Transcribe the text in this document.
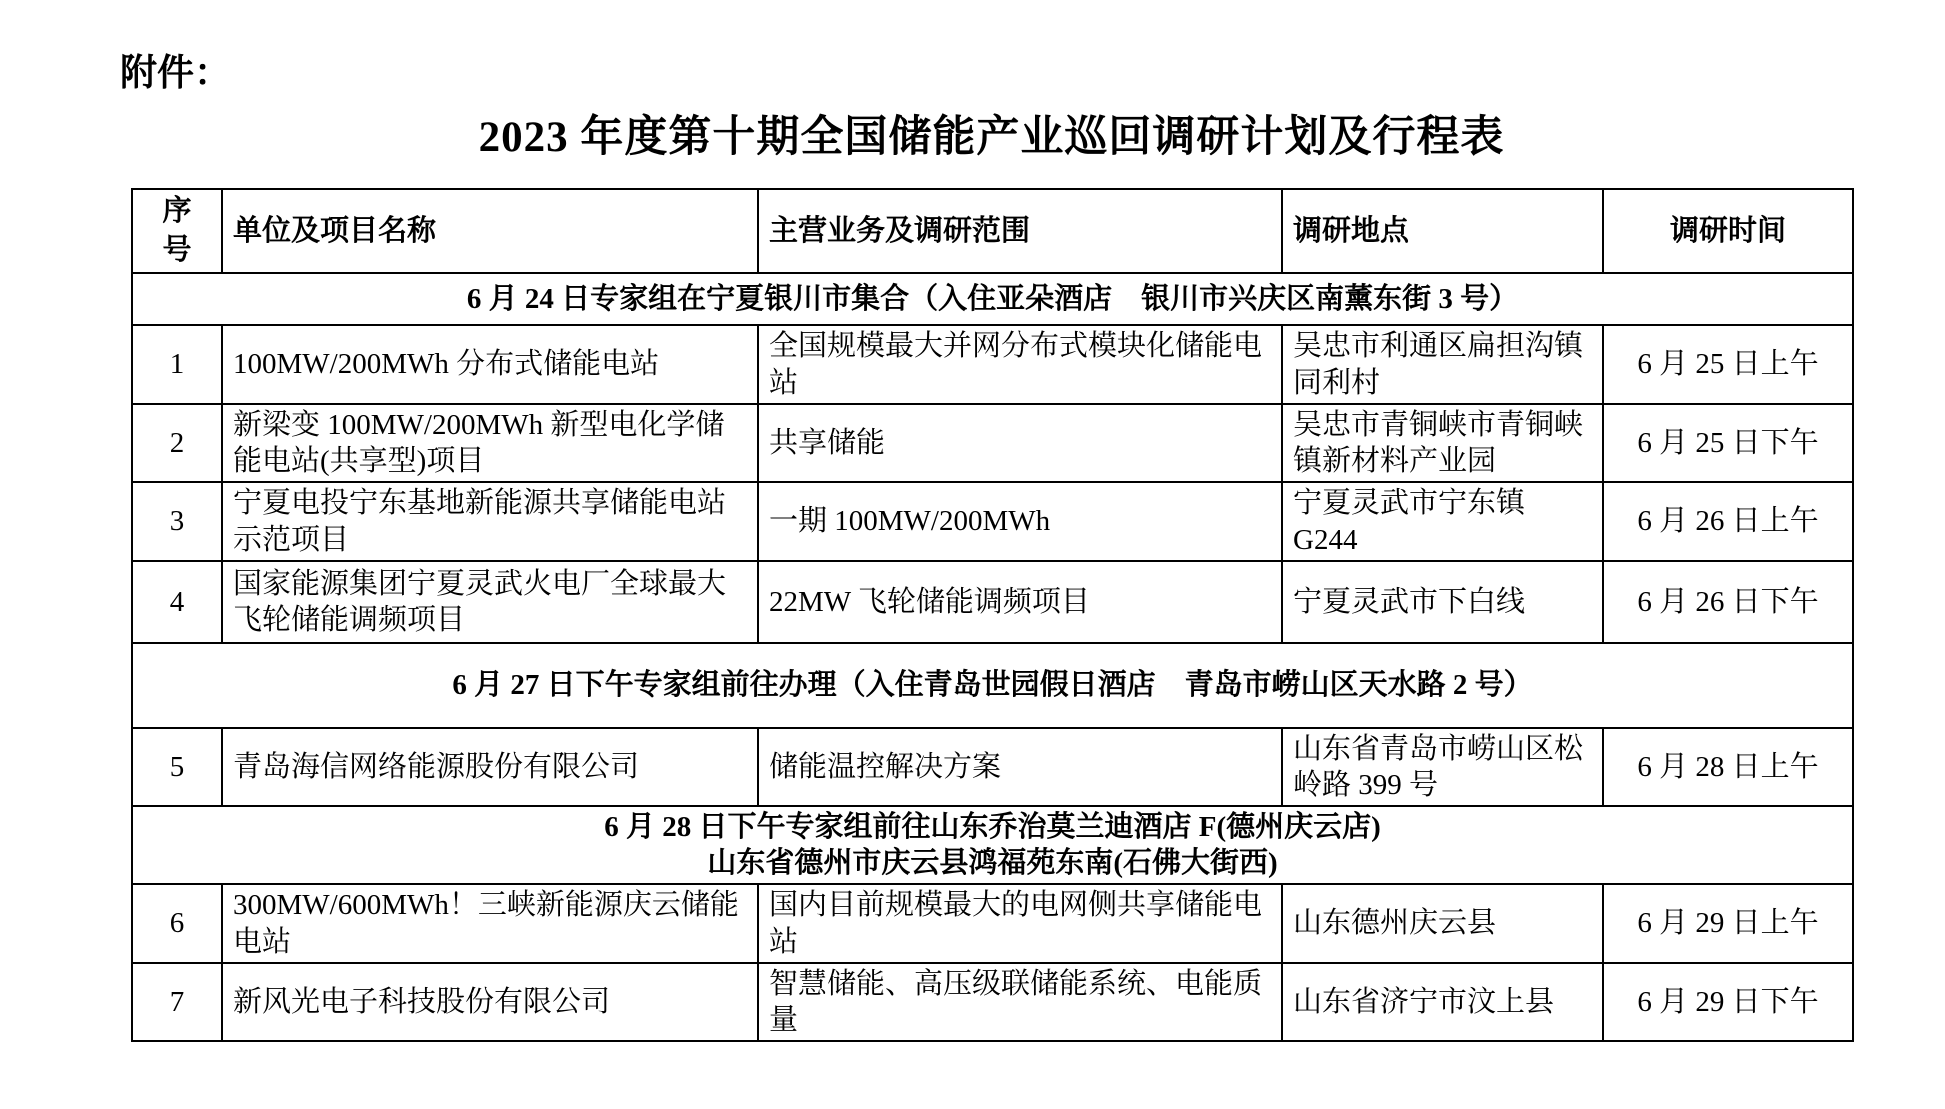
附件：
2023 年度第十期全国储能产业巡回调研计划及行程表
序号	单位及项目名称	主营业务及调研范围	调研地点	调研时间
6 月 24 日专家组在宁夏银川市集合（入住亚朵酒店　银川市兴庆区南薰东街 3 号）				
1	100MW/200MWh 分布式储能电站	全国规模最大并网分布式模块化储能电站	吴忠市利通区扁担沟镇同利村	6 月 25 日上午
2	新梁变 100MW/200MWh 新型电化学储能电站(共享型)项目	共享储能	吴忠市青铜峡市青铜峡镇新材料产业园	6 月 25 日下午
3	宁夏电投宁东基地新能源共享储能电站示范项目	一期 100MW/200MWh	宁夏灵武市宁东镇 G244	6 月 26 日上午
4	国家能源集团宁夏灵武火电厂全球最大飞轮储能调频项目	22MW 飞轮储能调频项目	宁夏灵武市下白线	6 月 26 日下午
6 月 27 日下午专家组前往办理（入住青岛世园假日酒店　青岛市崂山区天水路 2 号）				
5	青岛海信网络能源股份有限公司	储能温控解决方案	山东省青岛市崂山区松岭路 399 号	6 月 28 日上午

6 月 28 日下午专家组前往山东乔治莫兰迪酒店 F(德州庆云店)
山东省德州市庆云县鸿福苑东南(石佛大街西)				

6	300MW/600MWh！三峡新能源庆云储能电站	国内目前规模最大的电网侧共享储能电站	山东德州庆云县	6 月 29 日上午
7	新风光电子科技股份有限公司	智慧储能、高压级联储能系统、电能质量	山东省济宁市汶上县	6 月 29 日下午
